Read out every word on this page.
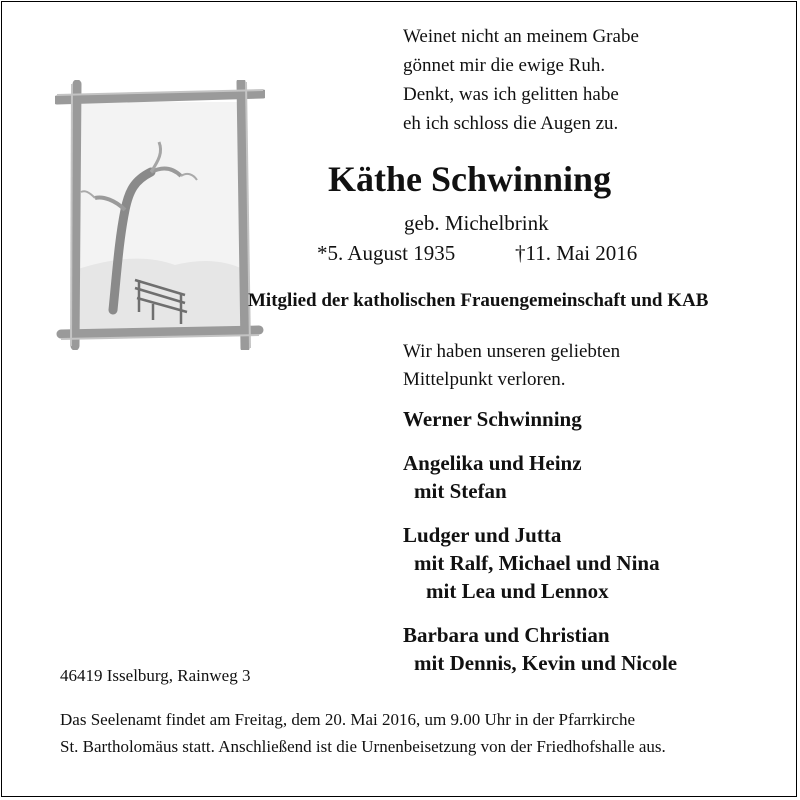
Weinet nicht an meinem Grabe
gönnet mir die ewige Ruh.
Denkt, was ich gelitten habe
eh ich schloss die Augen zu.
Käthe Schwinning
geb. Michelbrink
*5. August 1935	†11. Mai 2016
Mitglied der katholischen Frauengemeinschaft und KAB
Wir haben unseren geliebten
Mittelpunkt verloren.
Werner Schwinning
Angelika und Heinz
mit Stefan
Ludger und Jutta
mit Ralf, Michael und Nina
mit Lea und Lennox
Barbara und Christian
mit Dennis, Kevin und Nicole
46419 Isselburg, Rainweg 3
Das Seelenamt findet am Freitag, dem 20. Mai 2016, um 9.00 Uhr in der Pfarrkirche
St. Bartholomäus statt. Anschließend ist die Urnenbeisetzung von der Friedhofshalle aus.
